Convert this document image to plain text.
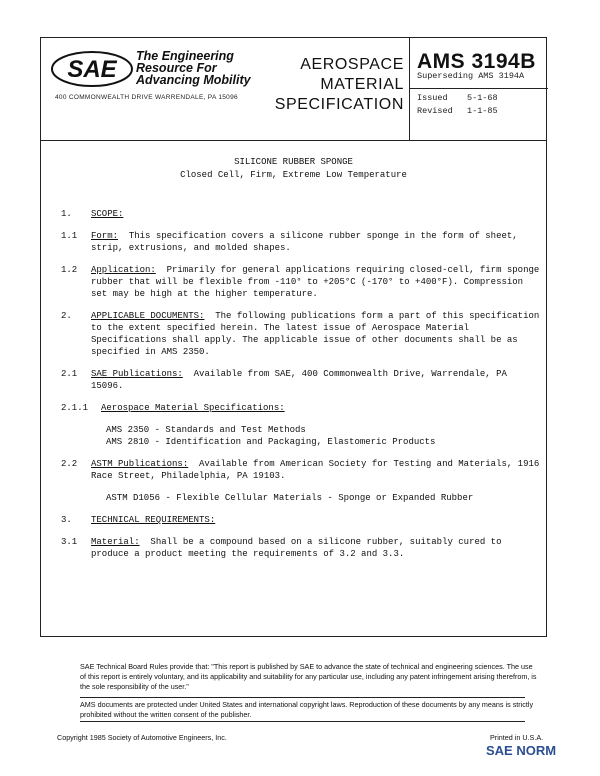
SAE The Engineering
Resource For
Advancing Mobility
400 COMMONWEALTH DRIVE WARRENDALE, PA 15096
AEROSPACE
MATERIAL
SPECIFICATION
AMS 3194B
Superseding AMS 3194A
Issued 5-1-68
Revised 1-1-85
SILICONE RUBBER SPONGE
Closed Cell, Firm, Extreme Low Temperature
1. SCOPE:
1.1 Form: This specification covers a silicone rubber sponge in the form of sheet, strip, extrusions, and molded shapes.
1.2 Application: Primarily for general applications requiring closed-cell, firm sponge rubber that will be flexible from -110° to +205°C (-170° to +400°F). Compression set may be high at the higher temperature.
2. APPLICABLE DOCUMENTS: The following publications form a part of this specification to the extent specified herein. The latest issue of Aerospace Material Specifications shall apply. The applicable issue of other documents shall be as specified in AMS 2350.
2.1 SAE Publications: Available from SAE, 400 Commonwealth Drive, Warrendale, PA 15096.
2.1.1 Aerospace Material Specifications:
AMS 2350 - Standards and Test Methods
AMS 2810 - Identification and Packaging, Elastomeric Products
2.2 ASTM Publications: Available from American Society for Testing and Materials, 1916 Race Street, Philadelphia, PA 19103.
ASTM D1056 - Flexible Cellular Materials - Sponge or Expanded Rubber
3. TECHNICAL REQUIREMENTS:
3.1 Material: Shall be a compound based on a silicone rubber, suitably cured to produce a product meeting the requirements of 3.2 and 3.3.
SAE Technical Board Rules provide that: "This report is published by SAE to advance the state of technical and engineering sciences. The use of this report is entirely voluntary, and its applicability and suitability for any particular use, including any patent infringement arising therefrom, is the sole responsibility of the user."
AMS documents are protected under United States and international copyright laws. Reproduction of these documents by any means is strictly prohibited without the written consent of the publisher.
Copyright 1985 Society of Automotive Engineers, Inc.	Printed in U.S.A.
SAE NORM
